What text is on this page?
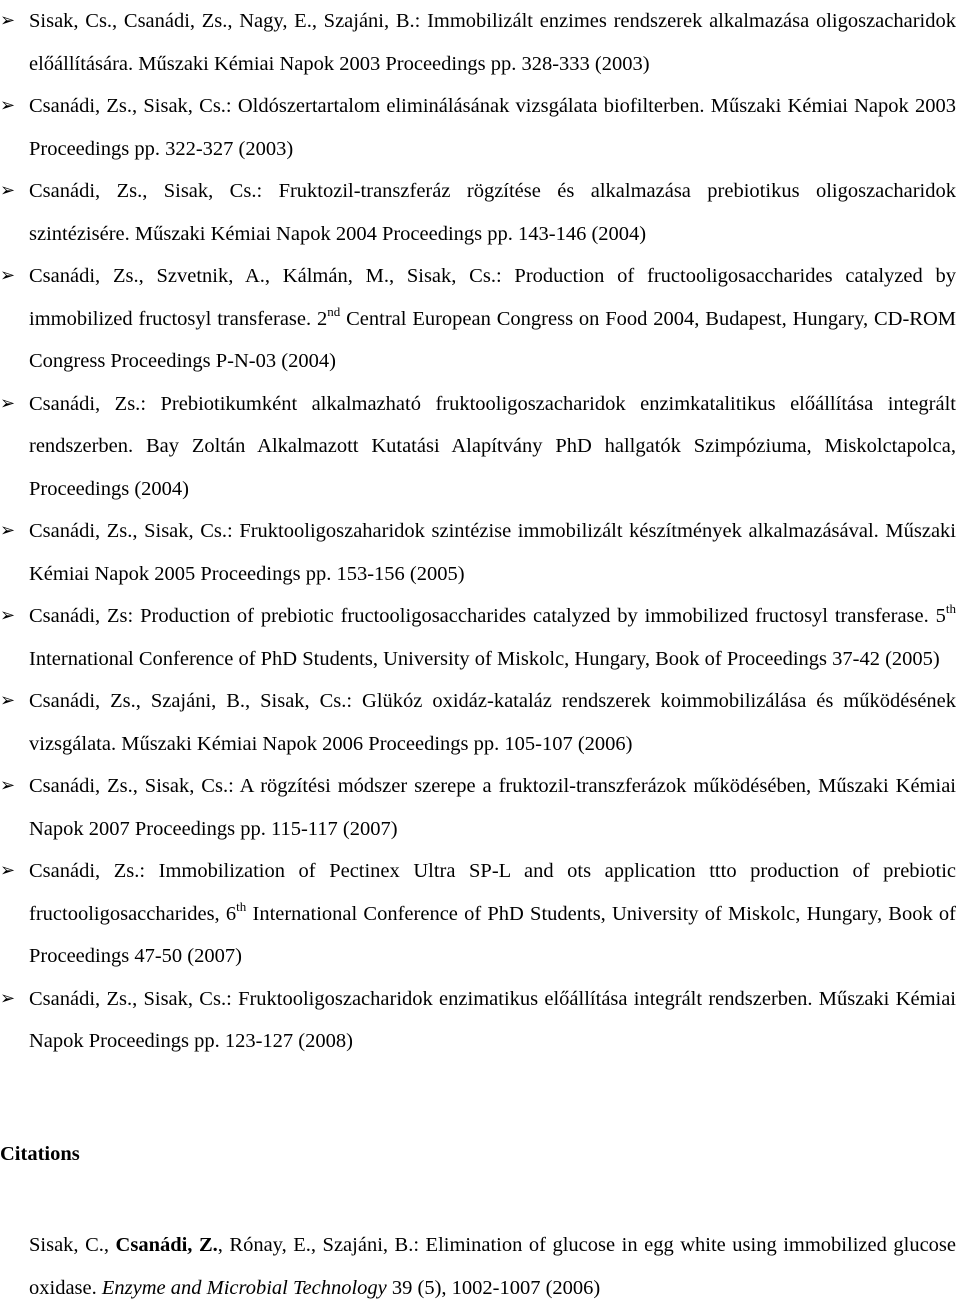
➢ Sisak, Cs., Csanádi, Zs., Nagy, E., Szajáni, B.: Immobilizált enzimes rendszerek alkalmazása oligoszacharidok előállítására. Műszaki Kémiai Napok 2003 Proceedings pp. 328-333 (2003)
➢ Csanádi, Zs., Sisak, Cs.: Oldószertartalom eliminálásának vizsgálata biofilterben. Műszaki Kémiai Napok 2003 Proceedings pp. 322-327 (2003)
➢ Csanádi, Zs., Sisak, Cs.: Fruktozil-transzferáz rögzítése és alkalmazása prebiotikus oligoszacharidok szintézisére. Műszaki Kémiai Napok 2004 Proceedings pp. 143-146 (2004)
➢ Csanádi, Zs., Szvetnik, A., Kálmán, M., Sisak, Cs.: Production of fructooligosaccharides catalyzed by immobilized fructosyl transferase. 2nd Central European Congress on Food 2004, Budapest, Hungary, CD-ROM Congress Proceedings P-N-03 (2004)
➢ Csanádi, Zs.: Prebiotikumként alkalmazható fruktooligoszacharidok enzimkatalitikus előállítása integrált rendszerben. Bay Zoltán Alkalmazott Kutatási Alapítvány PhD hallgatók Szimpóziuma, Miskolctapolca, Proceedings (2004)
➢ Csanádi, Zs., Sisak, Cs.: Fruktooligoszaharidok szintézise immobilizált készítmények alkalmazásával. Műszaki Kémiai Napok 2005 Proceedings pp. 153-156 (2005)
➢ Csanádi, Zs: Production of prebiotic fructooligosaccharides catalyzed by immobilized fructosyl transferase. 5th International Conference of PhD Students, University of Miskolc, Hungary, Book of Proceedings 37-42 (2005)
➢ Csanádi, Zs., Szajáni, B., Sisak, Cs.: Glükóz oxidáz-kataláz rendszerek koimmobilizálása és működésének vizsgálata. Műszaki Kémiai Napok 2006 Proceedings pp. 105-107 (2006)
➢ Csanádi, Zs., Sisak, Cs.: A rögzítési módszer szerepe a fruktozil-transzferázok működésében, Műszaki Kémiai Napok 2007 Proceedings pp. 115-117 (2007)
➢ Csanádi, Zs.: Immobilization of Pectinex Ultra SP-L and ots application ttto production of prebiotic fructooligosaccharides, 6th International Conference of PhD Students, University of Miskolc, Hungary, Book of Proceedings 47-50 (2007)
➢ Csanádi, Zs., Sisak, Cs.: Fruktooligoszacharidok enzimatikus előállítása integrált rendszerben. Műszaki Kémiai Napok Proceedings pp. 123-127 (2008)

Citations

Sisak, C., Csanádi, Z., Rónay, E., Szajáni, B.: Elimination of glucose in egg white using immobilized glucose oxidase. Enzyme and Microbial Technology 39 (5), 1002-1007 (2006)
